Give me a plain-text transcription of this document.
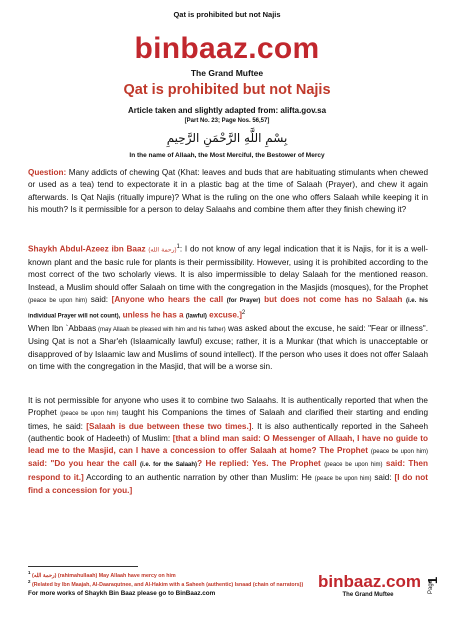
Qat is prohibited but not Najis
binbaaz.com
The Grand Muftee
Qat is prohibited but not Najis
Article taken and slightly adapted from: alifta.gov.sa
[Part No. 23; Page Nos. 56,57]
بِسْمِ اللَّهِ الرَّحْمَنِ الرَّحِيمِ
In the name of Allaah, the Most Merciful, the Bestower of Mercy
Question: Many addicts of chewing Qat (Khat: leaves and buds that are habituating stimulants when chewed or used as a tea) tend to expectorate it in a plastic bag at the time of Salaah (Prayer), and chew it again afterwards. Is Qat Najis (ritually impure)? What is the ruling on the one who offers Salaah while keeping it in his mouth? Is it permissible for a person to delay Salaahs and combine them after they finish chewing it?
Shaykh Abdul-Azeez ibn Baaz (رحمة الله)$^1$: I do not know of any legal indication that it is Najis, for it is a well-known plant and the basic rule for plants is their permissibility. However, using it is prohibited according to the most correct of the two scholarly views. It is also impermissible to delay Salaah for the mentioned reason. Instead, a Muslim should offer Salaah on time with the congregation in the Masjids (mosques), for the Prophet (peace be upon him) said: [Anyone who hears the call (for Prayer) but does not come has no Salaah (i.e. his individual Prayer will not count), unless he has a (lawful) excuse.]$^2$
When Ibn `Abbaas (may Allaah be pleased with him and his father) was asked about the excuse, he said: "Fear or illness". Using Qat is not a Shar'eh (Islaamically lawful) excuse; rather, it is a Munkar (that which is unacceptable or disapproved of by Islaamic law and Muslims of sound intellect). If the person who uses it does not offer Salaah on time with the congregation in the Masjid, that will be a worse sin.
It is not permissible for anyone who uses it to combine two Salaahs. It is authentically reported that when the Prophet (peace be upon him) taught his Companions the times of Salaah and clarified their starting and ending times, he said: [Salaah is due between these two times.]. It is also authentically reported in the Saheeh (authentic book of Hadeeth) of Muslim: [that a blind man said: O Messenger of Allaah, I have no guide to lead me to the Masjid, can I have a concession to offer Salaah at home? The Prophet (peace be upon him) said: "Do you hear the call (i.e. for the Salaah)? He replied: Yes. The Prophet (peace be upon him) said: Then respond to it.] According to an authentic narration by other than Muslim: He (peace be upon him) said: [I do not find a concession for you.]
$^1$ (رحمة الله) (rahimahullaah) May Allaah have mercy on him
$^2$ (Related by Ibn Maajah, Al-Daaraqutnee, and Al-Hakim with a Saheeh (authentic) Isnaad (chain of narrators))
For more works of Shaykh Bin Baaz please go to BinBaaz.com
binbaaz.com
The Grand Muftee
Page
1
